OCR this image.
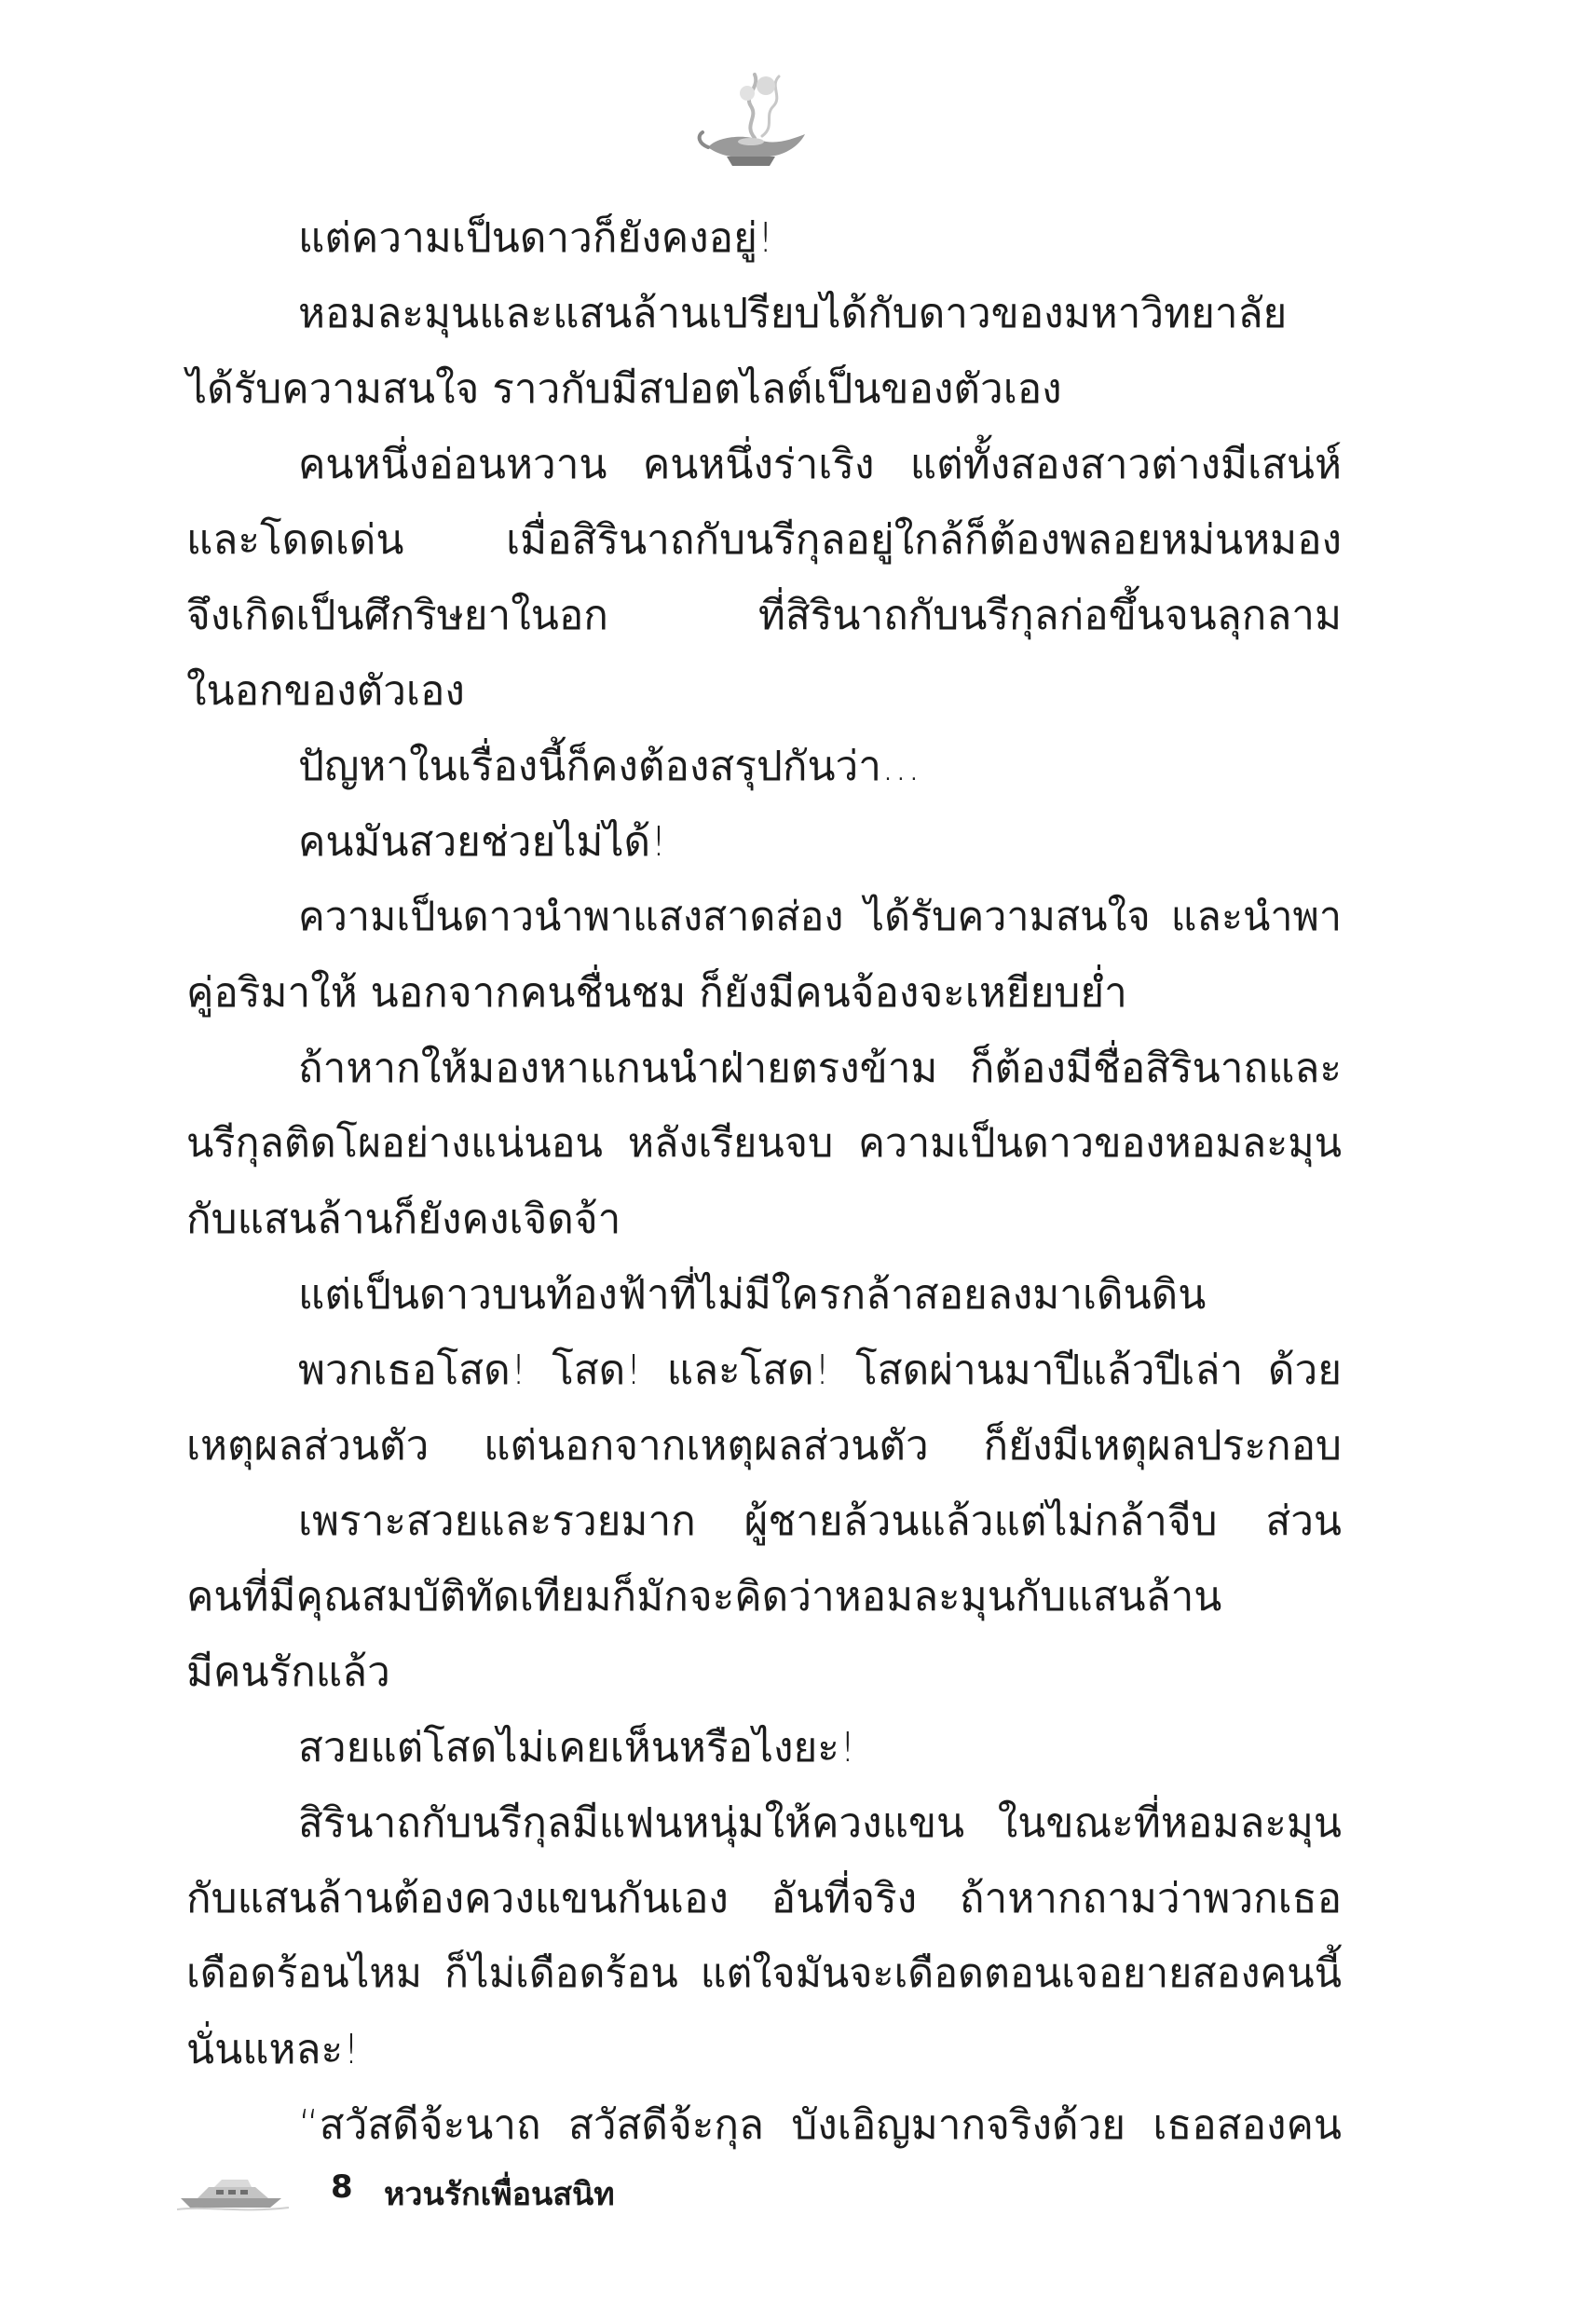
แต่ความเป็นดาวก็ยังคงอยู่!
หอมละมุนและแสนล้านเปรียบได้กับดาวของมหาวิทยาลัย
ได้รับความสนใจ ราวกับมีสปอตไลต์เป็นของตัวเอง
คนหนึ่งอ่อนหวาน คนหนึ่งร่าเริง แต่ทั้งสองสาวต่างมีเสน่ห์
และโดดเด่น เมื่อสิรินาถกับนรีกุลอยู่ใกล้ก็ต้องพลอยหม่นหมอง
จึงเกิดเป็นศึกริษยาในอก ที่สิรินาถกับนรีกุลก่อขึ้นจนลุกลาม
ในอกของตัวเอง
ปัญหาในเรื่องนี้ก็คงต้องสรุปกันว่า...
คนมันสวยช่วยไม่ได้!
ความเป็นดาวนำพาแสงสาดส่อง ได้รับความสนใจ และนำพา
คู่อริมาให้ นอกจากคนชื่นชม ก็ยังมีคนจ้องจะเหยียบย่ำ
ถ้าหากให้มองหาแกนนำฝ่ายตรงข้าม ก็ต้องมีชื่อสิรินาถและ
นรีกุลติดโผอย่างแน่นอน หลังเรียนจบ ความเป็นดาวของหอมละมุน
กับแสนล้านก็ยังคงเจิดจ้า
แต่เป็นดาวบนท้องฟ้าที่ไม่มีใครกล้าสอยลงมาเดินดิน
พวกเธอโสด! โสด! และโสด! โสดผ่านมาปีแล้วปีเล่า ด้วย
เหตุผลส่วนตัว แต่นอกจากเหตุผลส่วนตัว ก็ยังมีเหตุผลประกอบ
เพราะสวยและรวยมาก ผู้ชายล้วนแล้วแต่ไม่กล้าจีบ ส่วน
คนที่มีคุณสมบัติทัดเทียมก็มักจะคิดว่าหอมละมุนกับแสนล้าน
มีคนรักแล้ว
สวยแต่โสดไม่เคยเห็นหรือไงยะ!
สิรินาถกับนรีกุลมีแฟนหนุ่มให้ควงแขน ในขณะที่หอมละมุน
กับแสนล้านต้องควงแขนกันเอง อันที่จริง ถ้าหากถามว่าพวกเธอ
เดือดร้อนไหม ก็ไม่เดือดร้อน แต่ใจมันจะเดือดตอนเจอยายสองคนนี้
นั่นแหละ!
“สวัสดีจ้ะนาถ สวัสดีจ้ะกุล บังเอิญมากจริงด้วย เธอสองคน
8 หวนรักเพื่อนสนิท
